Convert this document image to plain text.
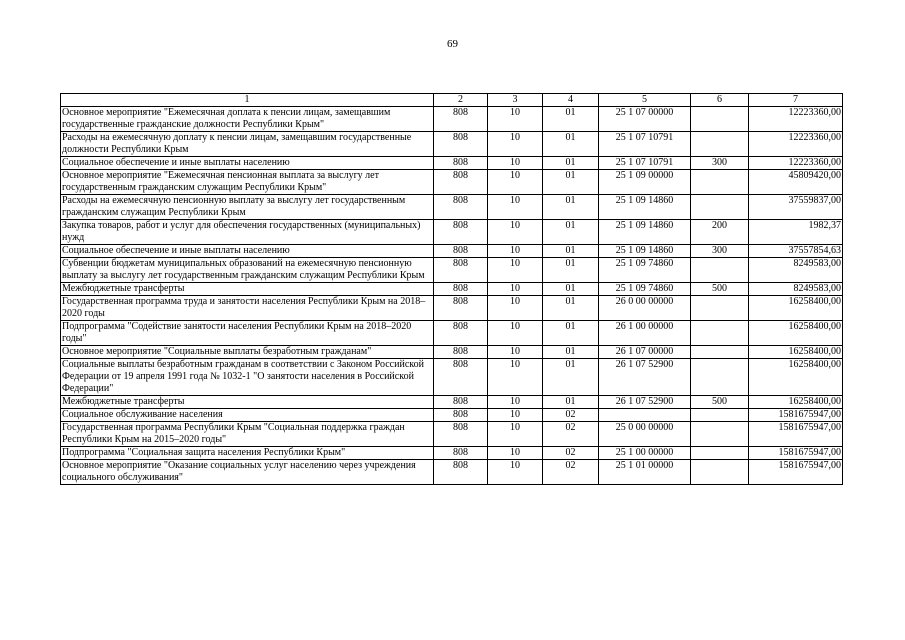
69
1	2	3	4	5	6	7
Основное мероприятие "Ежемесячная доплата к пенсии лицам, замещавшим государственные гражданские должности Республики Крым"	808	10	01	25 1 07 00000		12223360,00
Расходы на ежемесячную доплату к пенсии лицам, замещавшим государственные должности Республики Крым	808	10	01	25 1 07 10791		12223360,00
Социальное обеспечение и иные выплаты населению	808	10	01	25 1 07 10791	300	12223360,00
Основное мероприятие "Ежемесячная пенсионная выплата за выслугу лет государственным гражданским служащим Республики Крым"	808	10	01	25 1 09 00000		45809420,00
Расходы на ежемесячную пенсионную выплату за выслугу лет государственным гражданским служащим Республики Крым	808	10	01	25 1 09 14860		37559837,00
Закупка товаров, работ и услуг для обеспечения государственных (муниципальных) нужд	808	10	01	25 1 09 14860	200	1982,37
Социальное обеспечение и иные выплаты населению	808	10	01	25 1 09 14860	300	37557854,63
Субвенции бюджетам муниципальных образований на ежемесячную пенсионную выплату за выслугу лет государственным гражданским служащим Республики Крым	808	10	01	25 1 09 74860		8249583,00
Межбюджетные трансферты	808	10	01	25 1 09 74860	500	8249583,00
Государственная программа труда и занятости населения Республики Крым на 2018–2020 годы	808	10	01	26 0 00 00000		16258400,00
Подпрограмма "Содействие занятости населения Республики Крым на 2018–2020 годы"	808	10	01	26 1 00 00000		16258400,00
Основное мероприятие "Социальные выплаты безработным гражданам"	808	10	01	26 1 07 00000		16258400,00
Социальные выплаты безработным гражданам в соответствии с Законом Российской Федерации от 19 апреля 1991 года № 1032-1 "О занятости населения в Российской Федерации"	808	10	01	26 1 07 52900		16258400,00
Межбюджетные трансферты	808	10	01	26 1 07 52900	500	16258400,00
Социальное обслуживание населения	808	10	02			1581675947,00
Государственная программа Республики Крым "Социальная поддержка граждан Республики Крым на 2015–2020 годы"	808	10	02	25 0 00 00000		1581675947,00
Подпрограмма "Социальная защита населения Республики Крым"	808	10	02	25 1 00 00000		1581675947,00
Основное мероприятие "Оказание социальных услуг населению через учреждения социального обслуживания"	808	10	02	25 1 01 00000		1581675947,00
